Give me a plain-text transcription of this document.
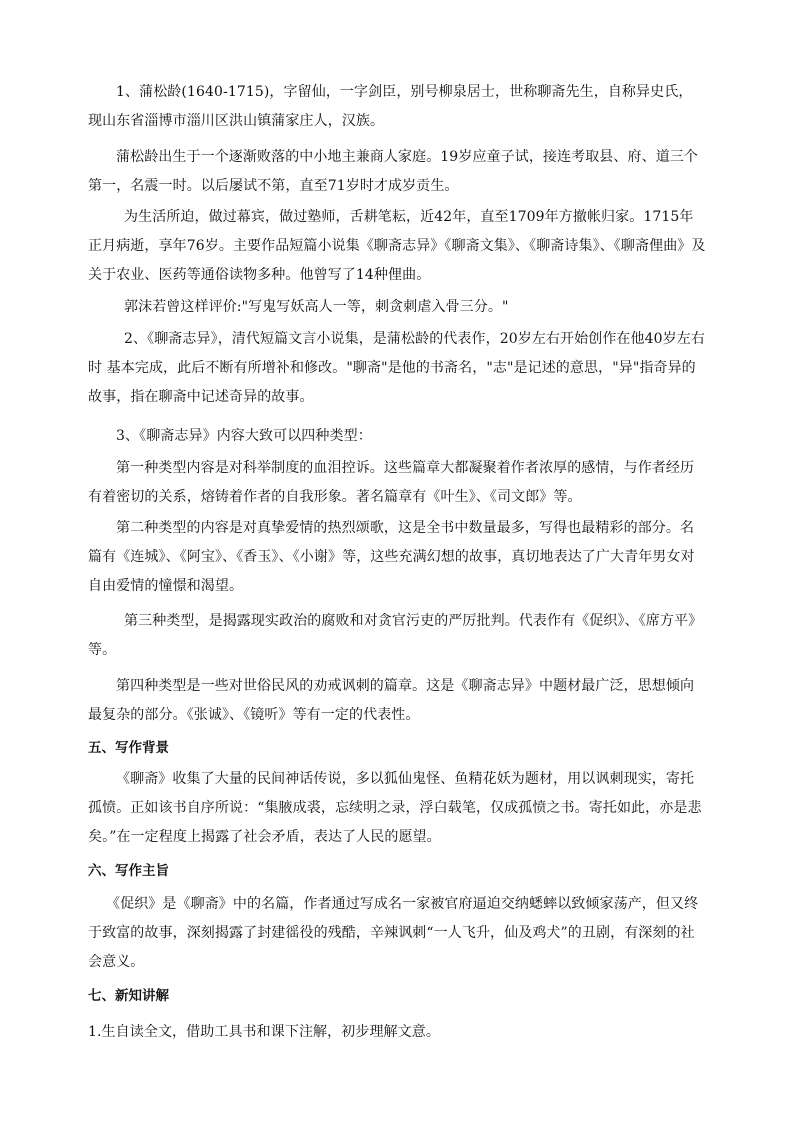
1、蒲松龄(1640-1715)，字留仙，一字剑臣，别号柳泉居士，世称聊斋先生，自称异史氏，现山东省淄博市淄川区洪山镇蒲家庄人，汉族。

蒲松龄出生于一个逐渐败落的中小地主兼商人家庭。19岁应童子试，接连考取县、府、道三个第一，名震一时。以后屡试不第，直至71岁时才成岁贡生。

为生活所迫，做过幕宾，做过塾师，舌耕笔耘，近42年，直至1709年方撤帐归家。1715年正月病逝，享年76岁。主要作品短篇小说集《聊斋志异》《聊斋文集》、《聊斋诗集》、《聊斋俚曲》及关于农业、医药等通俗读物多种。他曾写了14种俚曲。

郭沫若曾这样评价:"写鬼写妖高人一等，刺贪刺虐入骨三分。"

2、《聊斋志异》，清代短篇文言小说集，是蒲松龄的代表作，20岁左右开始创作在他40岁左右时 基本完成，此后不断有所增补和修改。"聊斋"是他的书斋名，"志"是记述的意思，"异"指奇异的故事，指在聊斋中记述奇异的故事。

3、《聊斋志异》内容大致可以四种类型：

第一种类型内容是对科举制度的血泪控诉。这些篇章大都凝聚着作者浓厚的感情，与作者经历有着密切的关系，熔铸着作者的自我形象。著名篇章有《叶生》、《司文郎》等。

第二种类型的内容是对真挚爱情的热烈颂歌，这是全书中数量最多，写得也最精彩的部分。名篇有《连城》、《阿宝》、《香玉》、《小谢》等，这些充满幻想的故事，真切地表达了广大青年男女对自由爱情的憧憬和渴望。

第三种类型，是揭露现实政治的腐败和对贪官污吏的严厉批判。代表作有《促织》、《席方平》等。

第四种类型是一些对世俗民风的劝戒讽刺的篇章。这是《聊斋志异》中题材最广泛，思想倾向最复杂的部分。《张诚》、《镜听》等有一定的代表性。

五、写作背景

《聊斋》收集了大量的民间神话传说，多以狐仙鬼怪、鱼精花妖为题材，用以讽刺现实，寄托孤愤。正如该书自序所说：“集腋成裘，忘续明之录，浮白载笔，仅成孤愤之书。寄托如此，亦是悲矣。”在一定程度上揭露了社会矛盾，表达了人民的愿望。

六、写作主旨

《促织》是《聊斋》中的名篇，作者通过写成名一家被官府逼迫交纳蟋蟀以致倾家荡产，但又终于致富的故事，深刻揭露了封建徭役的残酷，辛辣讽刺“一人飞升，仙及鸡犬”的丑剧，有深刻的社会意义。

七、新知讲解

1.生自读全文，借助工具书和课下注解，初步理解文意。
